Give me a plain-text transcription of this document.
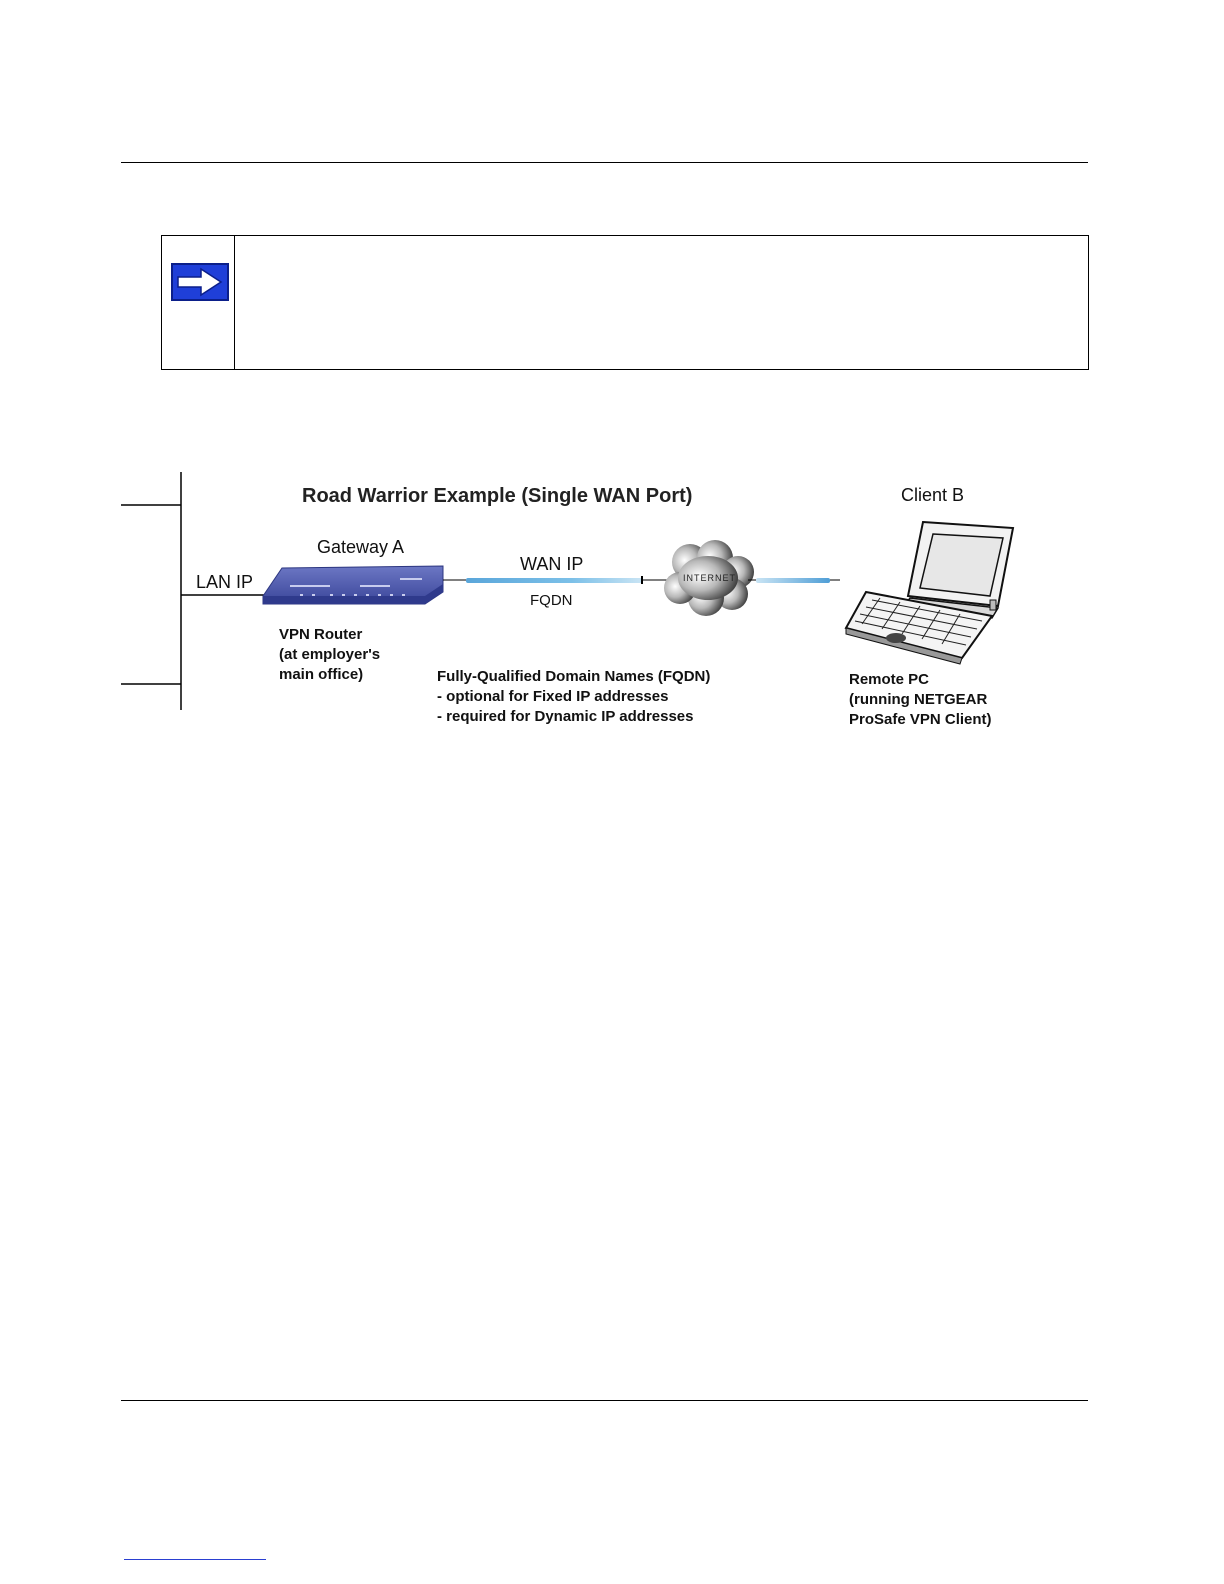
Road Warrior Example (Single WAN Port)
Gateway A
Client B
LAN IP
WAN IP
FQDN
INTERNET
VPN Router
(at employer's
main office)	Fully-Qualified Domain Names (FQDN)
- optional for Fixed IP addresses
- required for Dynamic IP addresses
Remote PC
(running NETGEAR
ProSafe VPN Client)
